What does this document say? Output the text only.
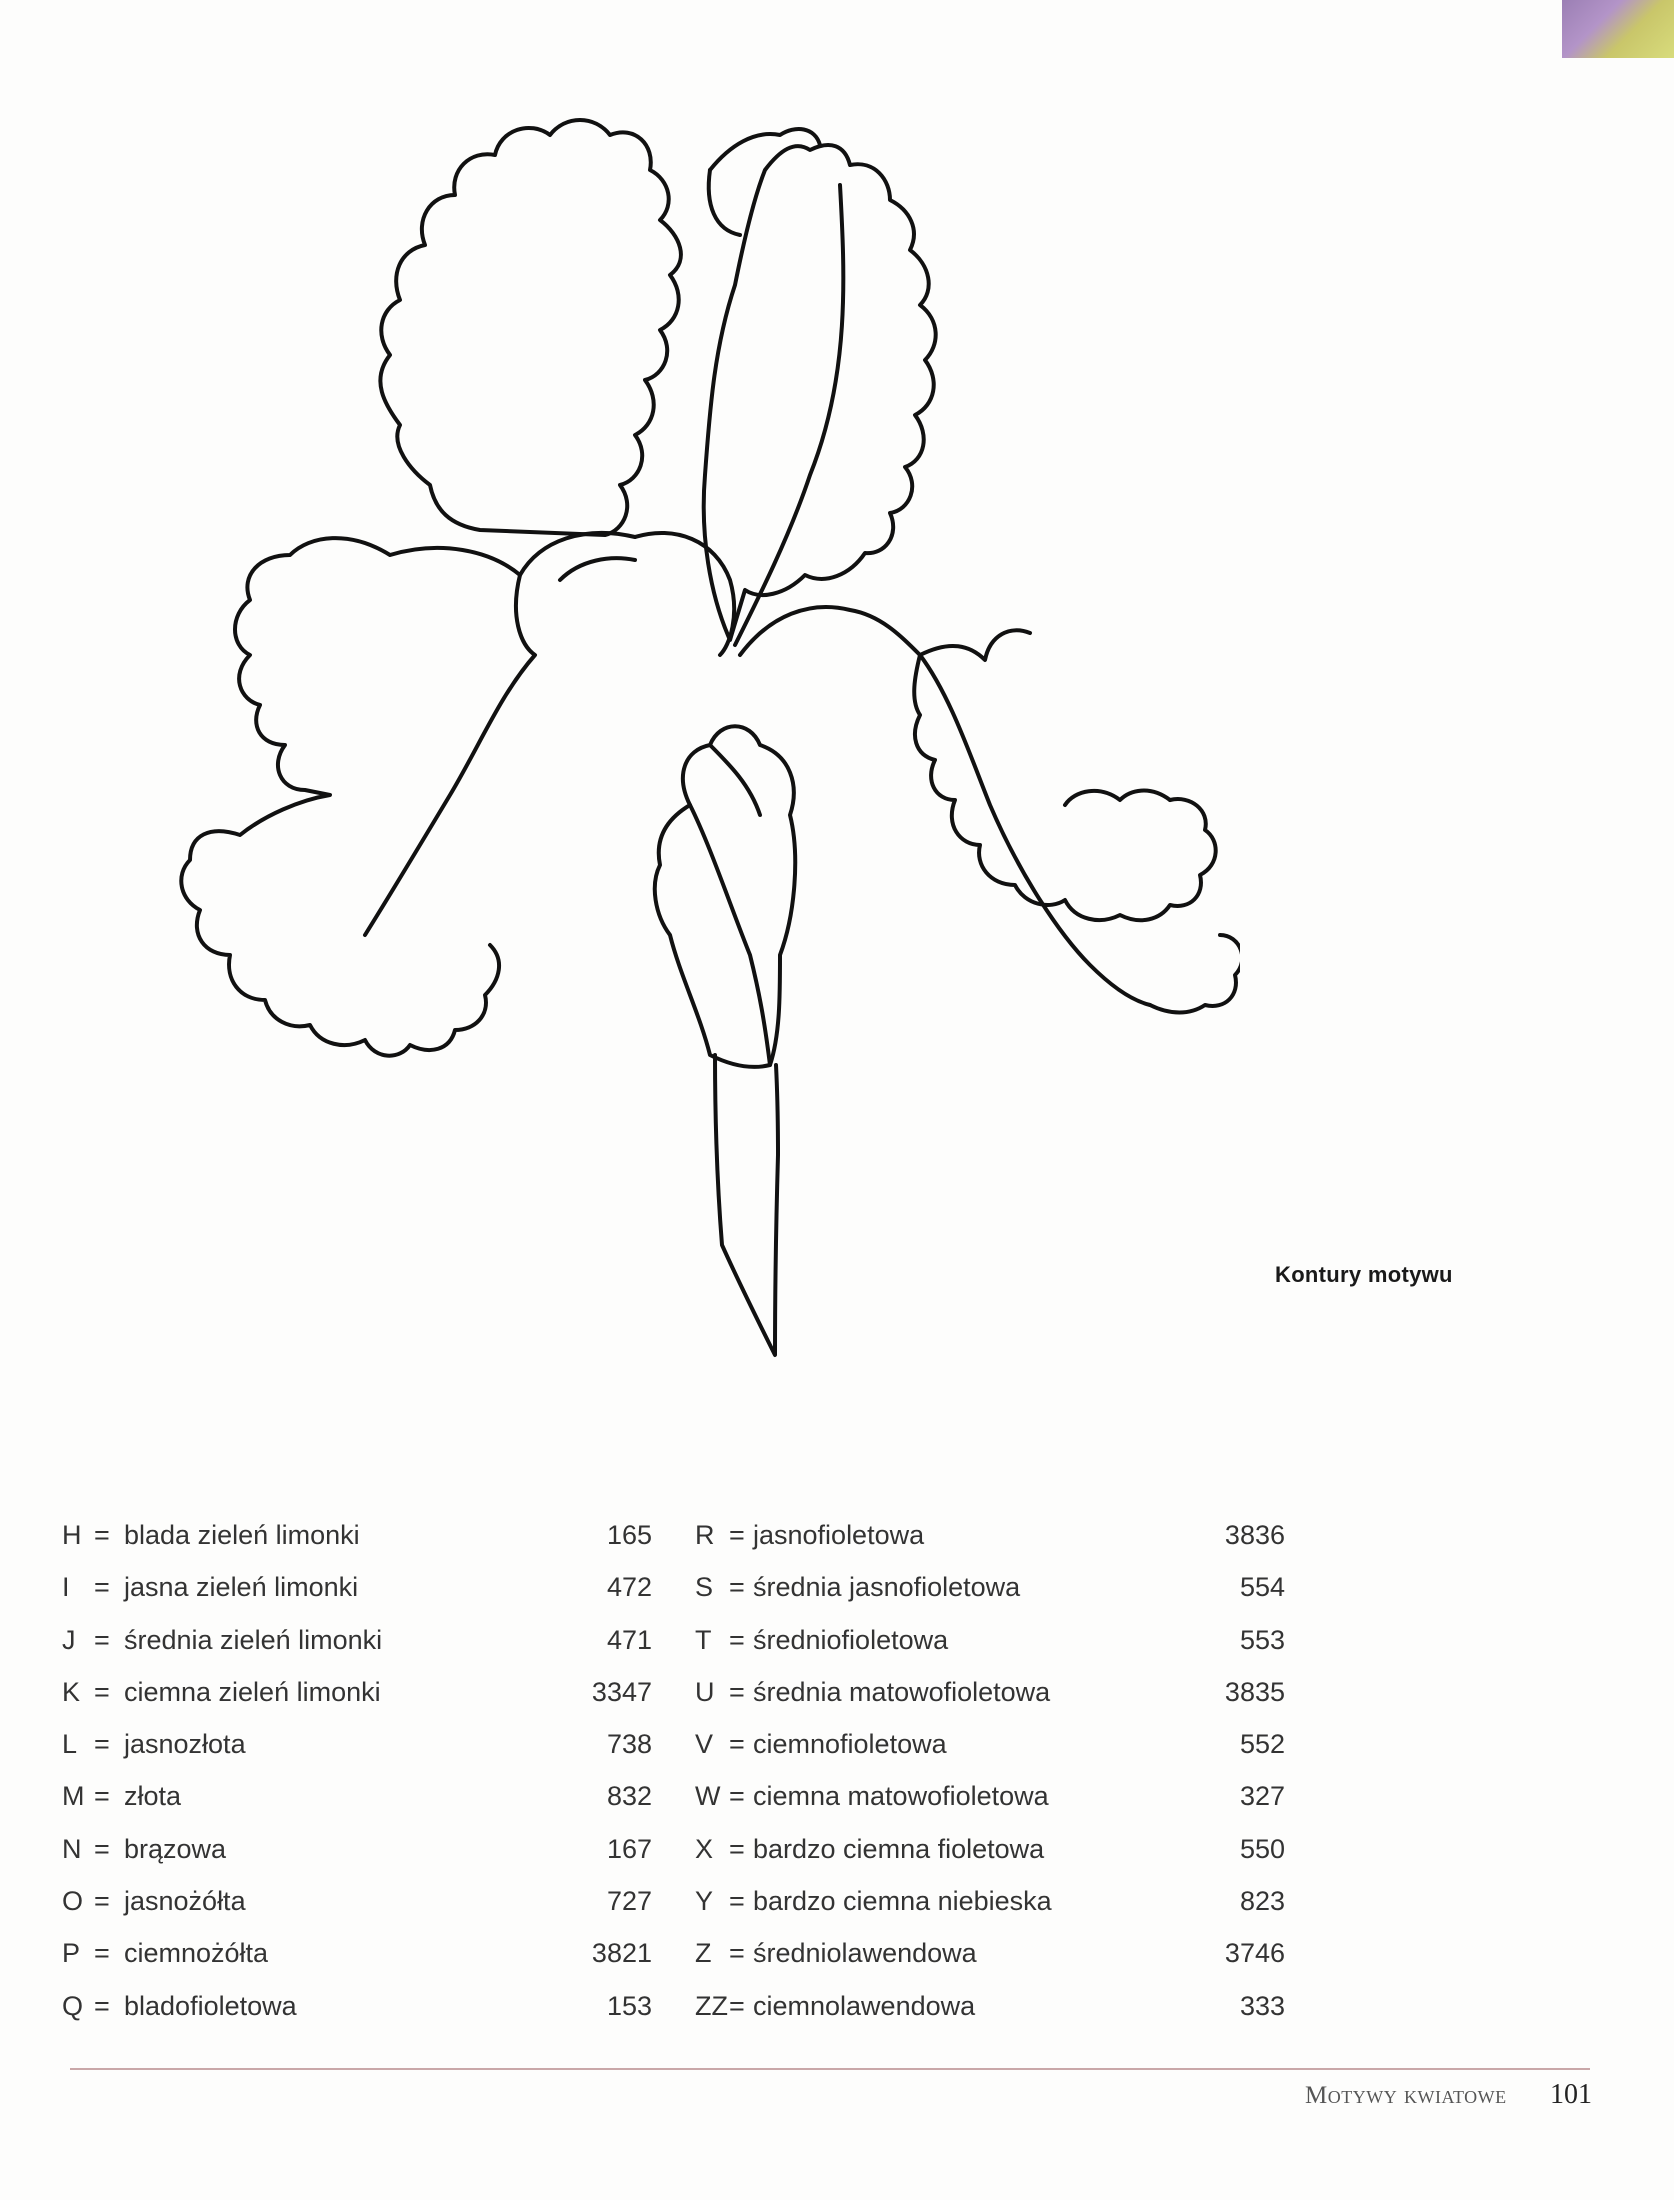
Kontury motywu
H = blada zieleń limonki	165
I = jasna zieleń limonki	472
J = średnia zieleń limonki	471
K = ciemna zieleń limonki	3347
L = jasnozłota	738
M = złota	832
N = brązowa	167
O = jasnożółta	727
P = ciemnożółta	3821
Q = bladofioletowa	153
R = jasnofioletowa	3836
S = średnia jasnofioletowa	554
T = średniofioletowa	553
U = średnia matowofioletowa	3835
V = ciemnofioletowa	552
W = ciemna matowofioletowa	327
X = bardzo ciemna fioletowa	550
Y = bardzo ciemna niebieska	823
Z = średniolawendowa	3746
ZZ = ciemnolawendowa	333
Motywy kwiatowe 101
